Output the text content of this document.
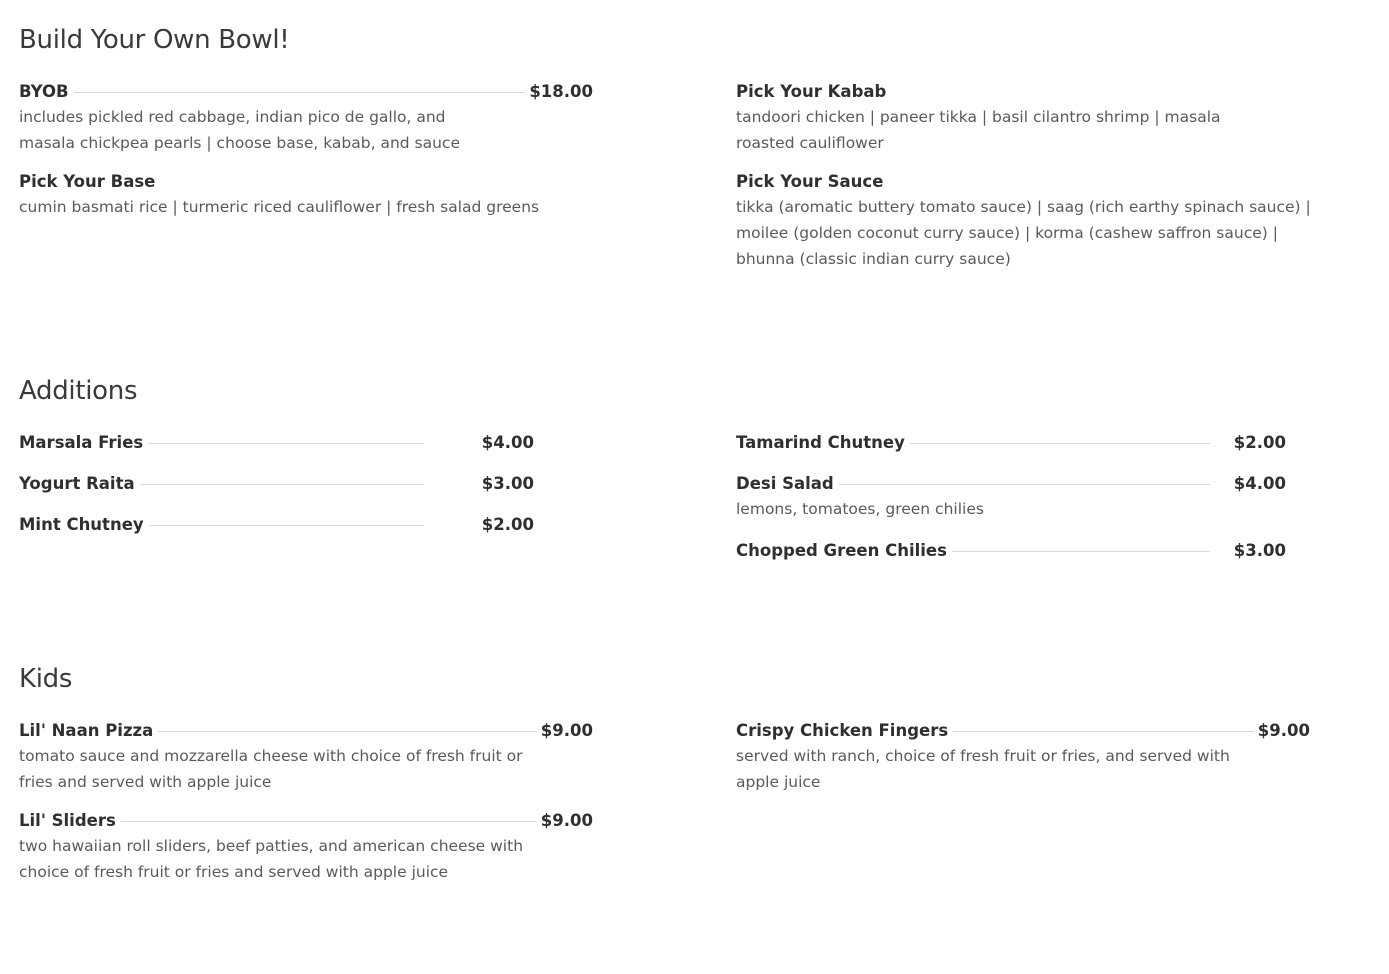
Build Your Own Bowl!
BYOB	$18.00
includes pickled red cabbage, indian pico de gallo, and masala chickpea pearls | choose base, kabab, and sauce
Pick Your Base
cumin basmati rice | turmeric riced cauliflower | fresh salad greens
Pick Your Kabab
tandoori chicken | paneer tikka | basil cilantro shrimp | masala roasted cauliflower
Pick Your Sauce
tikka (aromatic buttery tomato sauce) | saag (rich earthy spinach sauce) | moilee (golden coconut curry sauce) | korma (cashew saffron sauce) | bhunna (classic indian curry sauce)
Additions
Marsala Fries	$4.00
Yogurt Raita	$3.00
Mint Chutney	$2.00
Tamarind Chutney	$2.00
Desi Salad	$4.00
lemons, tomatoes, green chilies
Chopped Green Chilies	$3.00
Kids
Lil' Naan Pizza	$9.00
tomato sauce and mozzarella cheese with choice of fresh fruit or fries and served with apple juice
Lil' Sliders	$9.00
two hawaiian roll sliders, beef patties, and american cheese with choice of fresh fruit or fries and served with apple juice
Crispy Chicken Fingers	$9.00
served with ranch, choice of fresh fruit or fries, and served with apple juice
